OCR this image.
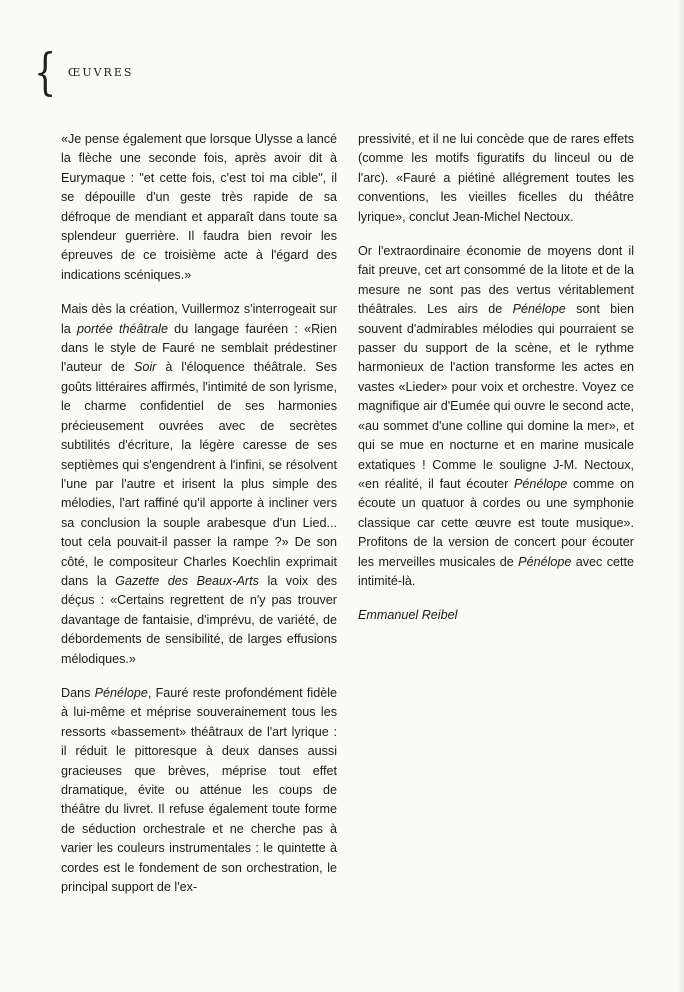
{ ŒUVRES

«Je pense également que lorsque Ulysse a lancé la flèche une seconde fois, après avoir dit à Eurymaque : "et cette fois, c'est toi ma cible", il se dépouille d'un geste très rapide de sa défroque de mendiant et apparaît dans toute sa splendeur guerrière. Il faudra bien revoir les épreuves de ce troisième acte à l'égard des indications scéniques.»

Mais dès la création, Vuillermoz s'interrogeait sur la portée théâtrale du langage fauréen : «Rien dans le style de Fauré ne semblait prédestiner l'auteur de Soir à l'éloquence théâtrale. Ses goûts littéraires affirmés, l'intimité de son lyrisme, le charme confidentiel de ses harmonies précieusement ouvrées avec de secrètes subtilités d'écriture, la légère caresse de ses septièmes qui s'engendrent à l'infini, se résolvent l'une par l'autre et irisent la plus simple des mélodies, l'art raffiné qu'il apporte à incliner vers sa conclusion la souple arabesque d'un Lied... tout cela pouvait-il passer la rampe ?» De son côté, le compositeur Charles Koechlin exprimait dans la Gazette des Beaux-Arts la voix des déçus : «Certains regrettent de n'y pas trouver davantage de fantaisie, d'imprévu, de variété, de débordements de sensibilité, de larges effusions mélodiques.»

Dans Pénélope, Fauré reste profondément fidèle à lui-même et méprise souverainement tous les ressorts «bassement» théâtraux de l'art lyrique : il réduit le pittoresque à deux danses aussi gracieuses que brèves, méprise tout effet dramatique, évite ou atténue les coups de théâtre du livret. Il refuse également toute forme de séduction orchestrale et ne cherche pas à varier les couleurs instrumentales : le quintette à cordes est le fondement de son orchestration, le principal support de l'ex-

pressivité, et il ne lui concède que de rares effets (comme les motifs figuratifs du linceul ou de l'arc). «Fauré a piétiné allégrement toutes les conventions, les vieilles ficelles du théâtre lyrique», conclut Jean-Michel Nectoux.

Or l'extraordinaire économie de moyens dont il fait preuve, cet art consommé de la litote et de la mesure ne sont pas des vertus véritablement théâtrales. Les airs de Pénélope sont bien souvent d'admirables mélodies qui pourraient se passer du support de la scène, et le rythme harmonieux de l'action transforme les actes en vastes «Lieder» pour voix et orchestre. Voyez ce magnifique air d'Eumée qui ouvre le second acte, «au sommet d'une colline qui domine la mer», et qui se mue en nocturne et en marine musicale extatiques ! Comme le souligne J-M. Nectoux, «en réalité, il faut écouter Pénélope comme on écoute un quatuor à cordes ou une symphonie classique car cette œuvre est toute musique». Profitons de la version de concert pour écouter les merveilles musicales de Pénélope avec cette intimité-là.

Emmanuel Reibel
